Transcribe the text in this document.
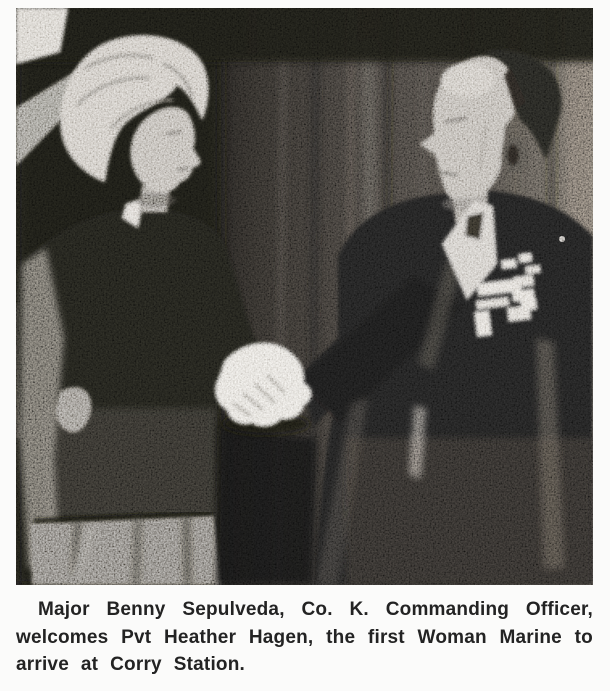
Major Benny Sepulveda, Co. K. Commanding Officer,
welcomes Pvt Heather Hagen, the first Woman Marine to
arrive at Corry Station.
